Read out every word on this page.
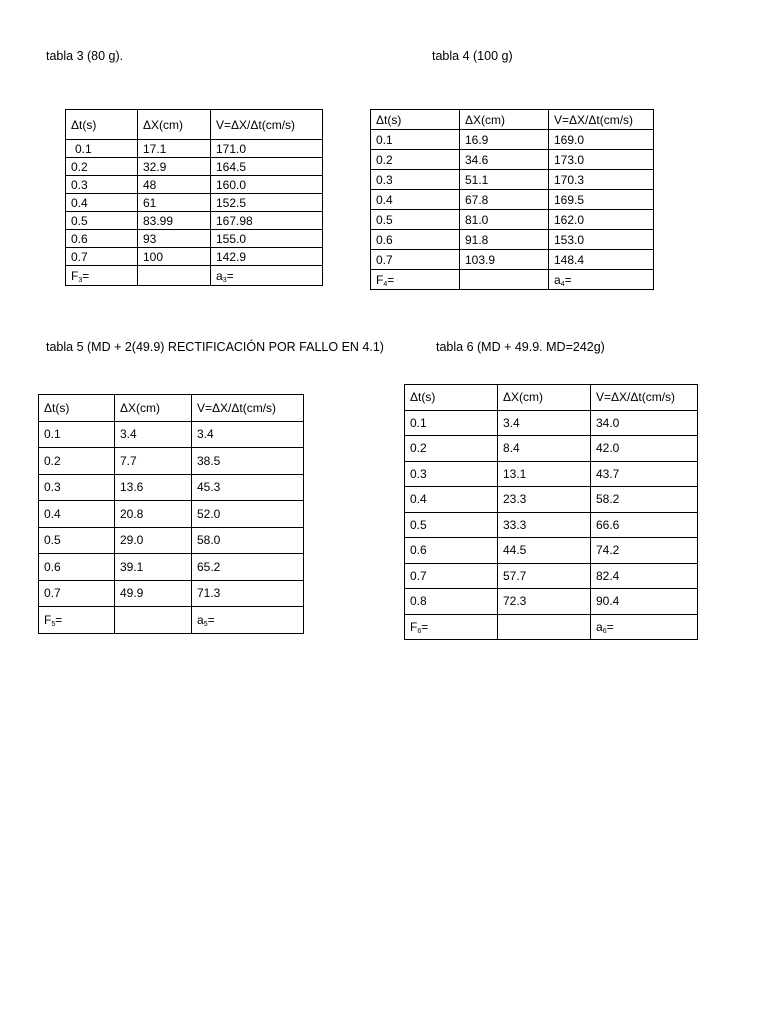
tabla 3 (80 g).	tabla 4 (100 g)
tabla 5 (MD + 2(49.9) RECTIFICACIÓN POR FALLO EN 4.1)	tabla 6 (MD + 49.9. MD=242g)
Δt(s)	ΔX(cm)	V=ΔX/Δt(cm/s)
0.1	17.1	171.0
0.2	32.9	164.5
0.3	48	160.0
0.4	61	152.5
0.5	83.99	167.98
0.6	93	155.0
0.7	100	142.9
$F_3=$		$a_3=$
Δt(s)	ΔX(cm)	V=ΔX/Δt(cm/s)
0.1	16.9	169.0
0.2	34.6	173.0
0.3	51.1	170.3
0.4	67.8	169.5
0.5	81.0	162.0
0.6	91.8	153.0
0.7	103.9	148.4
$F_4=$		$a_4=$
Δt(s)	ΔX(cm)	V=ΔX/Δt(cm/s)
0.1	3.4	3.4
0.2	7.7	38.5
0.3	13.6	45.3
0.4	20.8	52.0
0.5	29.0	58.0
0.6	39.1	65.2
0.7	49.9	71.3
$F_5=$		$a_5=$
Δt(s)	ΔX(cm)	V=ΔX/Δt(cm/s)
0.1	3.4	34.0
0.2	8.4	42.0
0.3	13.1	43.7
0.4	23.3	58.2
0.5	33.3	66.6
0.6	44.5	74.2
0.7	57.7	82.4
0.8	72.3	90.4
$F_6=$		$a_6=$
